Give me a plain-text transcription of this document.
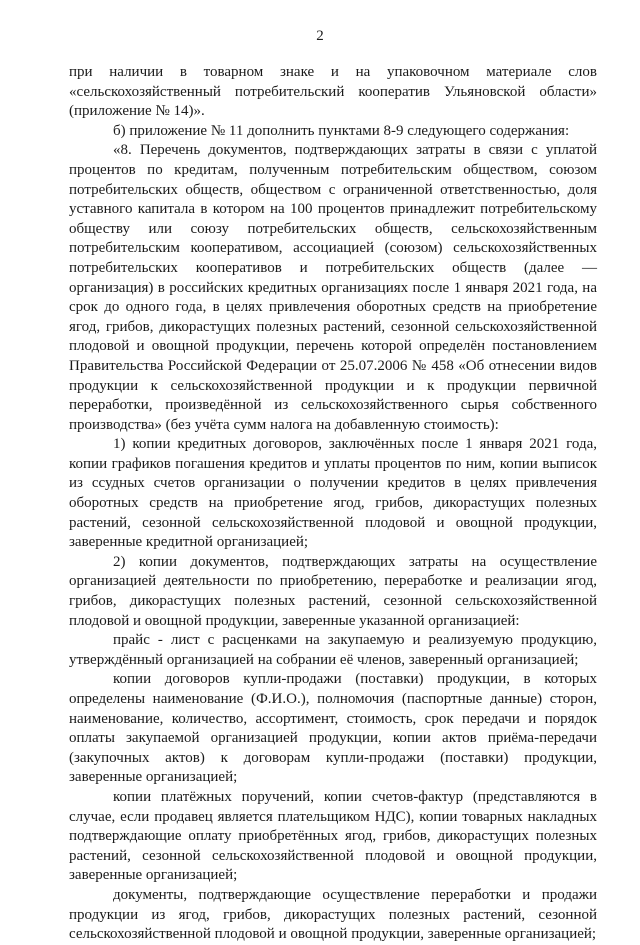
2

при наличии в товарном знаке и на упаковочном материале слов «сельскохозяйственный потребительский кооператив Ульяновской области» (приложение № 14)».

б) приложение № 11 дополнить пунктами 8-9 следующего содержания:

«8. Перечень документов, подтверждающих затраты в связи с уплатой процентов по кредитам, полученным потребительским обществом, союзом потребительских обществ, обществом с ограниченной ответственностью, доля уставного капитала в котором на 100 процентов принадлежит потребительскому обществу или союзу потребительских обществ, сельскохозяйственным потребительским кооперативом, ассоциацией (союзом) сельскохозяйственных потребительских кооперативов и потребительских обществ (далее — организация) в российских кредитных организациях после 1 января 2021 года, на срок до одного года, в целях привлечения оборотных средств на приобретение ягод, грибов, дикорастущих полезных растений, сезонной сельскохозяйственной плодовой и овощной продукции, перечень которой определён постановлением Правительства Российской Федерации от 25.07.2006 № 458 «Об отнесении видов продукции к сельскохозяйственной продукции и к продукции первичной переработки, произведённой из сельскохозяйственного сырья собственного производства» (без учёта сумм налога на добавленную стоимость):

1) копии кредитных договоров, заключённых после 1 января 2021 года, копии графиков погашения кредитов и уплаты процентов по ним, копии выписок из ссудных счетов организации о получении кредитов в целях привлечения оборотных средств на приобретение ягод, грибов, дикорастущих полезных растений, сезонной сельскохозяйственной плодовой и овощной продукции, заверенные кредитной организацией;

2) копии документов, подтверждающих затраты на осуществление организацией деятельности по приобретению, переработке и реализации ягод, грибов, дикорастущих полезных растений, сезонной сельскохозяйственной плодовой и овощной продукции, заверенные указанной организацией:

прайс - лист с расценками на закупаемую и реализуемую продукцию, утверждённый организацией на собрании её членов, заверенный организацией;

копии договоров купли-продажи (поставки) продукции, в которых определены наименование (Ф.И.О.), полномочия (паспортные данные) сторон, наименование, количество, ассортимент, стоимость, срок передачи и порядок оплаты закупаемой организацией продукции, копии актов приёма-передачи (закупочных актов) к договорам купли-продажи (поставки) продукции, заверенные организацией;

копии платёжных поручений, копии счетов-фактур (представляются в случае, если продавец является плательщиком НДС), копии товарных накладных подтверждающие оплату приобретённых ягод, грибов, дикорастущих полезных растений, сезонной сельскохозяйственной плодовой и овощной продукции, заверенные организацией;

документы, подтверждающие осуществление переработки и продажи продукции из ягод, грибов, дикорастущих полезных растений, сезонной сельскохозяйственной плодовой и овощной продукции, заверенные организацией;
